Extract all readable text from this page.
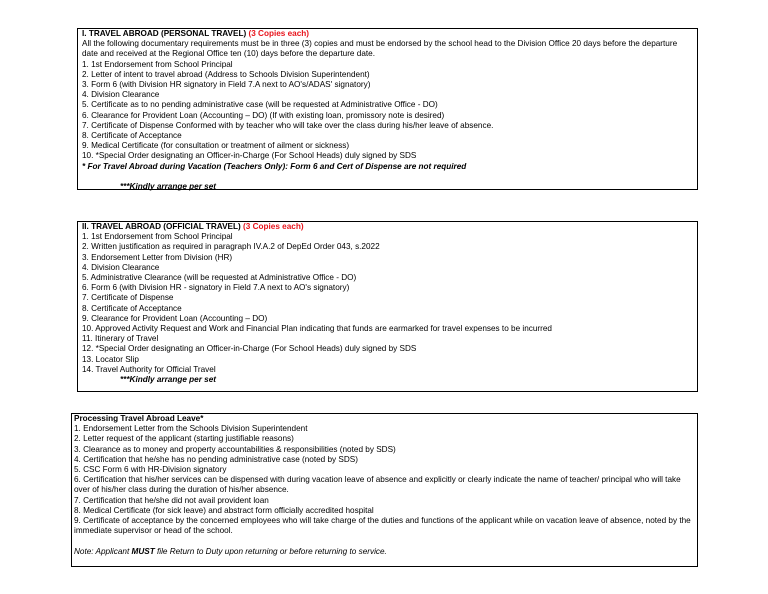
I. TRAVEL ABROAD (PERSONAL TRAVEL) (3 Copies each)
All the following documentary requirements must be in three (3) copies and must be endorsed by the school head to the Division Office 20 days before the departure date and received at the Regional Office ten (10) days before the departure date.
1. 1st Endorsement from School Principal
2. Letter of intent to travel abroad (Address to Schools Division Superintendent)
3. Form 6 (with Division HR signatory in Field 7.A next to AO's/ADAS' signatory)
4. Division Clearance
5. Certificate as to no pending administrative case (will be requested at Administrative Office - DO)
6. Clearance for Provident Loan (Accounting – DO) (If with existing loan, promissory note is desired)
7. Certificate of Dispense Conformed with by teacher who will take over the class during his/her leave of absence.
8. Certificate of Acceptance
9. Medical Certificate (for consultation or treatment of ailment or sickness)
10. *Special Order designating an Officer-in-Charge (For School Heads) duly signed by SDS
* For Travel Abroad during Vacation (Teachers Only): Form 6 and Cert of Dispense are not required
***Kindly arrange per set
II. TRAVEL ABROAD (OFFICIAL TRAVEL) (3 Copies each)
1. 1st Endorsement from School Principal
2. Written justification as required in paragraph IV.A.2 of DepEd Order 043, s.2022
3. Endorsement Letter from Division (HR)
4. Division Clearance
5. Administrative Clearance (will be requested at Administrative Office - DO)
6. Form 6 (with Division HR - signatory in Field 7.A next to AO's signatory)
7. Certificate of Dispense
8. Certificate of Acceptance
9. Clearance for Provident Loan (Accounting – DO)
10. Approved Activity Request and Work and Financial Plan indicating that funds are earmarked for travel expenses to be incurred
11. Itinerary of Travel
12. *Special Order designating an Officer-in-Charge (For School Heads) duly signed by SDS
13. Locator Slip
14. Travel Authority for Official Travel
***Kindly arrange per set
Processing Travel Abroad Leave*
1. Endorsement Letter from the Schools Division Superintendent
2. Letter request of the applicant (starting justifiable reasons)
3. Clearance as to money and property accountabilities & responsibilities (noted by SDS)
4. Certification that he/she has no pending administrative case (noted by SDS)
5. CSC Form 6 with HR-Division signatory
6. Certification that his/her services can be dispensed with during vacation leave of absence and explicitly or clearly indicate the name of teacher/ principal who will take over of his/her class during the duration of his/her absence.
7. Certification that he/she did not avail provident loan
8. Medical Certificate (for sick leave) and abstract form officially accredited hospital
9. Certificate of acceptance by the concerned employees who will take charge of the duties and functions of the applicant while on vacation leave of absence, noted by the immediate supervisor or head of the school.
Note: Applicant MUST file Return to Duty upon returning or before returning to service.
